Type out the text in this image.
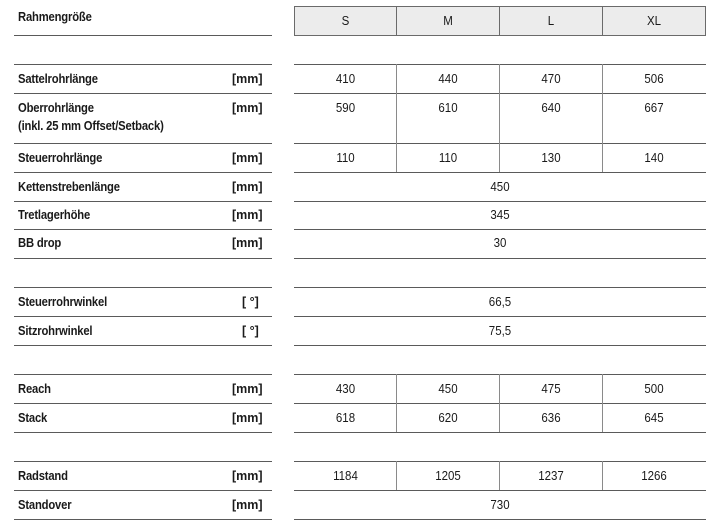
Rahmengröße	S	M	L	XL
Sattelrohrlänge	[mm]	410	440	470	506
Oberrohrlänge
(inkl. 25 mm Offset/Setback)
[mm]	590	610	640	667
Steuerrohrlänge	[mm]	110	110	130	140
Kettenstrebenlänge	[mm]	450
Tretlagerhöhe	[mm]	345
BB drop	[mm]	30
Steuerrohrwinkel	[ °]	66,5
Sitzrohrwinkel	[ °]	75,5
Reach	[mm]	430	450	475	500
Stack	[mm]	618	620	636	645
Radstand	[mm]	1184	1205	1237	1266
Standover	[mm]	730
